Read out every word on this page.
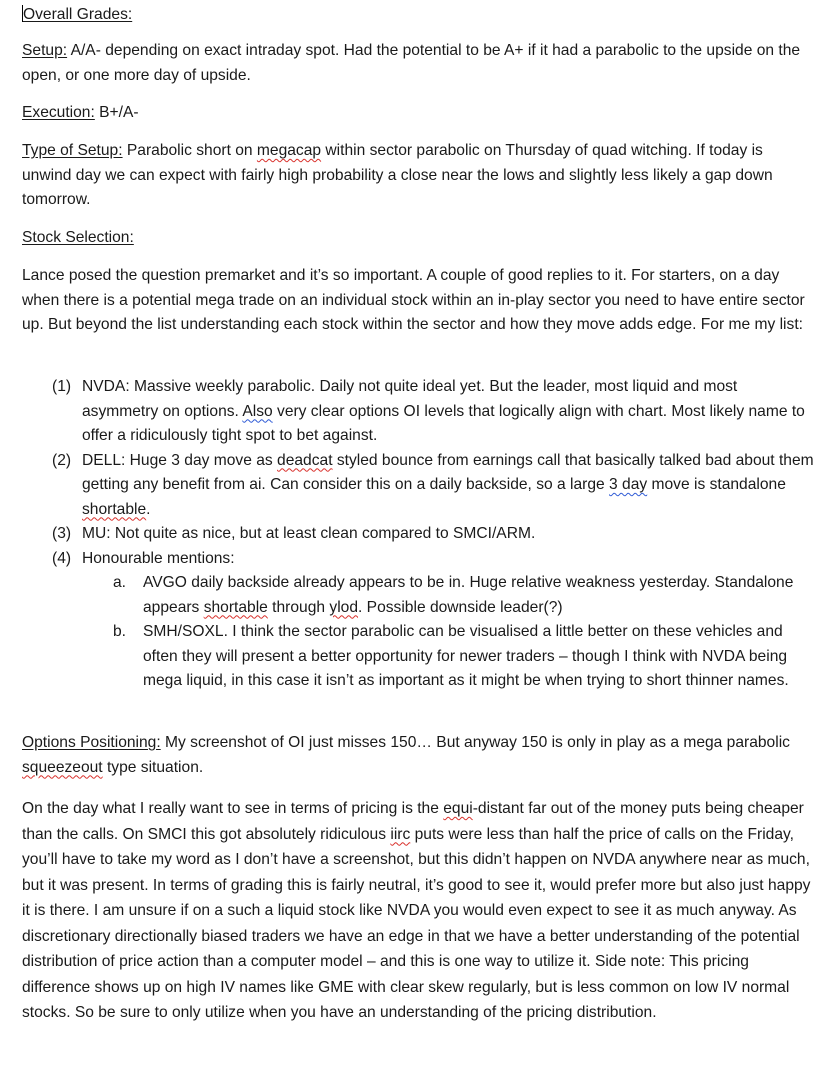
Overall Grades:

Setup: A/A- depending on exact intraday spot. Had the potential to be A+ if it had a parabolic to the upside on the open, or one more day of upside.

Execution: B+/A-

Type of Setup: Parabolic short on megacap within sector parabolic on Thursday of quad witching. If today is unwind day we can expect with fairly high probability a close near the lows and slightly less likely a gap down tomorrow.

Stock Selection:

Lance posed the question premarket and it’s so important. A couple of good replies to it. For starters, on a day when there is a potential mega trade on an individual stock within an in-play sector you need to have entire sector up. But beyond the list understanding each stock within the sector and how they move adds edge. For me my list:

(1) NVDA: Massive weekly parabolic. Daily not quite ideal yet. But the leader, most liquid and most asymmetry on options. Also very clear options OI levels that logically align with chart. Most likely name to offer a ridiculously tight spot to bet against.
(2) DELL: Huge 3 day move as deadcat styled bounce from earnings call that basically talked bad about them getting any benefit from ai. Can consider this on a daily backside, so a large 3 day move is standalone shortable.
(3) MU: Not quite as nice, but at least clean compared to SMCI/ARM.
(4) Honourable mentions:
a. AVGO daily backside already appears to be in. Huge relative weakness yesterday. Standalone appears shortable through ylod. Possible downside leader(?)
b. SMH/SOXL. I think the sector parabolic can be visualised a little better on these vehicles and often they will present a better opportunity for newer traders – though I think with NVDA being mega liquid, in this case it isn’t as important as it might be when trying to short thinner names.

Options Positioning: My screenshot of OI just misses 150… But anyway 150 is only in play as a mega parabolic squeezeout type situation.

On the day what I really want to see in terms of pricing is the equi-distant far out of the money puts being cheaper than the calls. On SMCI this got absolutely ridiculous iirc puts were less than half the price of calls on the Friday, you’ll have to take my word as I don’t have a screenshot, but this didn’t happen on NVDA anywhere near as much, but it was present. In terms of grading this is fairly neutral, it’s good to see it, would prefer more but also just happy it is there. I am unsure if on a such a liquid stock like NVDA you would even expect to see it as much anyway. As discretionary directionally biased traders we have an edge in that we have a better understanding of the potential distribution of price action than a computer model – and this is one way to utilize it. Side note: This pricing difference shows up on high IV names like GME with clear skew regularly, but is less common on low IV normal stocks. So be sure to only utilize when you have an understanding of the pricing distribution.
